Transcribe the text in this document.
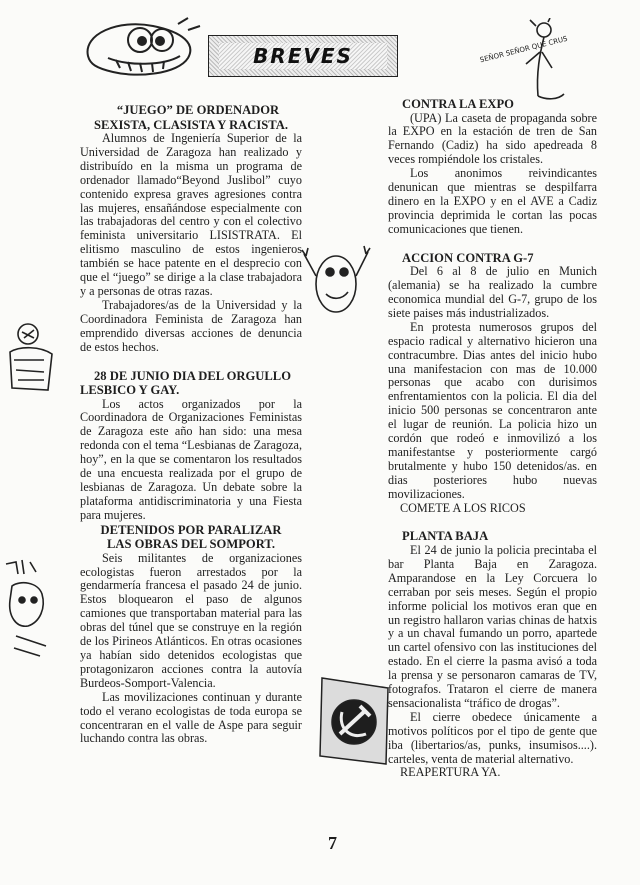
BREVES	SEÑOR SEÑOR QUE CRUS

“JUEGO” DE ORDENADOR

SEXISTA, CLASISTA Y RACISTA.

Alumnos de Ingeniería Superior de la Universidad de Zaragoza han realizado y distribuído en la misma un programa de ordenador llamado“Beyond Juslibol” cuyo contenido expresa graves agresiones contra las mujeres, ensañándose especialmente con las trabajadoras del centro y con el colectivo feminista universitario LISISTRATA. El elitismo masculino de estos ingenieros también se hace patente en el desprecio con que el “juego” se dirige a la clase trabajadora y a personas de otras razas.

Trabajadores/as de la Universidad y la Coordinadora Feminista de Zaragoza han emprendido diversas acciones de denuncia de estos hechos.

28 DE JUNIO DIA DEL ORGULLO

LESBICO Y GAY.

Los actos organizados por la Coordinadora de Organizaciones Feministas de Zaragoza este año han sido: una mesa redonda con el tema “Lesbianas de Zaragoza, hoy”, en la que se comentaron los resultados de una encuesta realizada por el grupo de lesbianas de Zaragoza. Un debate sobre la plataforma antidiscriminatoria y una Fiesta para mujeres.

DETENIDOS POR PARALIZAR

LAS OBRAS DEL SOMPORT.

Seis militantes de organizaciones ecologistas fueron arrestados por la gendarmería francesa el pasado 24 de junio. Estos bloquearon el paso de algunos camiones que transportaban material para las obras del túnel que se construye en la región de los Pirineos Atlánticos. En otras ocasiones ya habían sido detenidos ecologistas que protagonizaron acciones contra la autovía Burdeos-Somport-Valencia.

Las movilizaciones continuan y durante todo el verano ecologistas de toda europa se concentraran en el valle de Aspe para seguir luchando contra las obras.

CONTRA LA EXPO

(UPA) La caseta de propaganda sobre la EXPO en la estación de tren de San Fernando (Cadiz) ha sido apedreada 8 veces rompiéndole los cristales.

Los anonimos reivindicantes denunican que mientras se despilfarra dinero en la EXPO y en el AVE a Cadiz provincia deprimida le cortan las pocas comunicaciones que tienen.

ACCION CONTRA G-7

Del 6 al 8 de julio en Munich (alemania) se ha realizado la cumbre economica mundial del G-7, grupo de los siete paises más industrializados.

En protesta numerosos grupos del espacio radical y alternativo hicieron una contracumbre. Dias antes del inicio hubo una manifestacion con mas de 10.000 personas que acabo con durisimos enfrentamientos con la policia. El dia del inicio 500 personas se concentraron ante el lugar de reunión. La policia hizo un cordón que rodeó e inmovilizó a los manifestantse y posteriormente cargó brutalmente y hubo 150 detenidos/as. en dias posteriores hubo nuevas movilizaciones.

COMETE A LOS RICOS

PLANTA BAJA

El 24 de junio la policia precintaba el bar Planta Baja en Zaragoza. Amparandose en la Ley Corcuera lo cerraban por seis meses. Según el propio informe policial los motivos eran que en un registro hallaron varias chinas de hatxis y a un chaval fumando un porro, apartede un cartel ofensivo con las instituciones del estado. En el cierre la pasma avisó a toda la prensa y se personaron camaras de TV, fotografos. Trataron el cierre de manera sensacionalista “tráfico de drogas”.

El cierre obedece únicamente a motivos políticos por el tipo de gente que iba (libertarios/as, punks, insumisos....). carteles, venta de material alternativo.

REAPERTURA YA.

7
